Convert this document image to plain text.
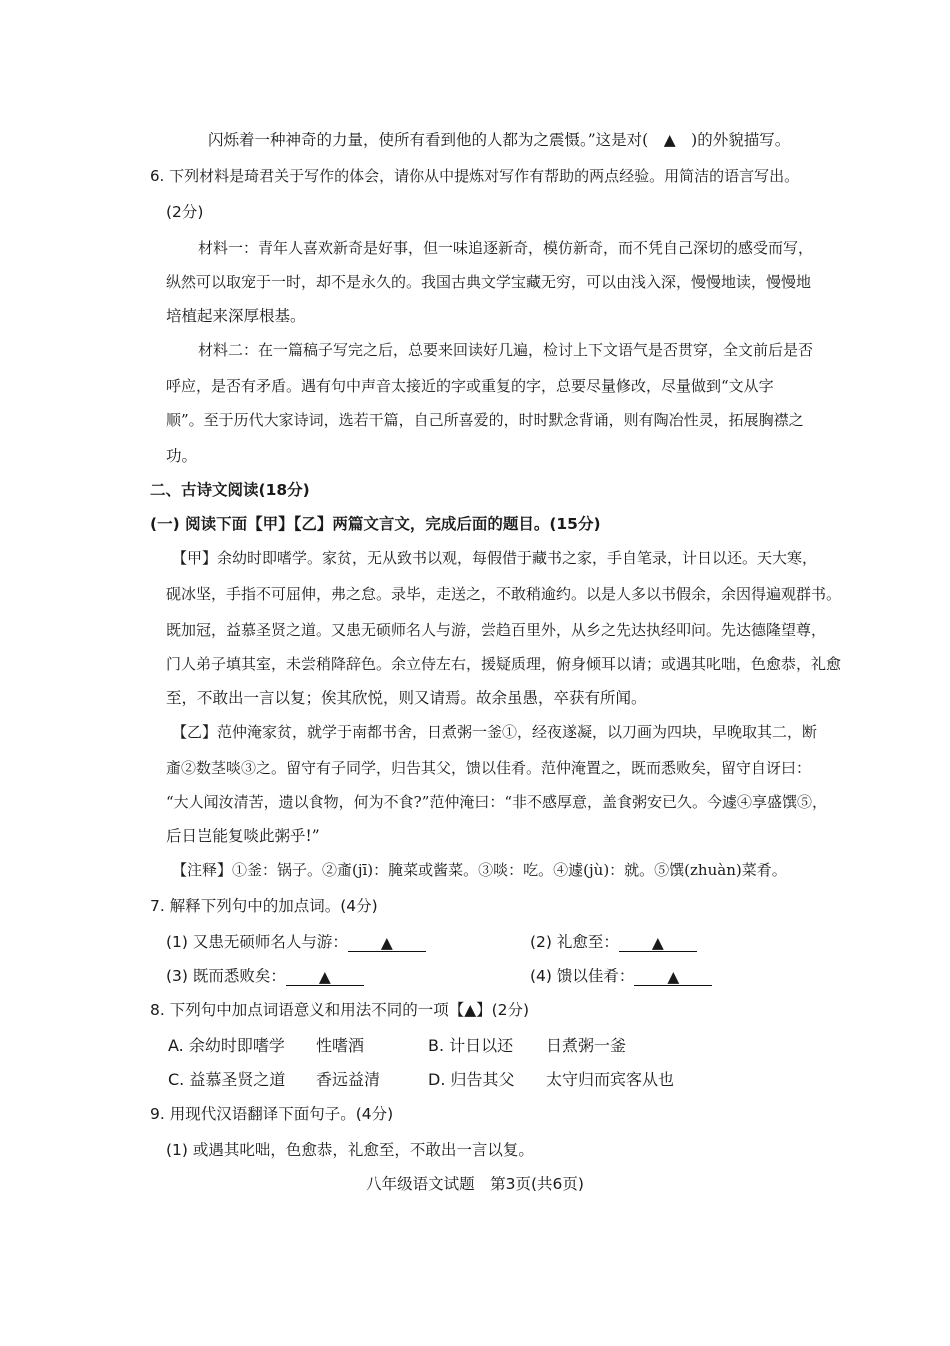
闪烁着一种神奇的力量，使所有看到他的人都为之震慑。”这是对(　▲　)的外貌描写。
6. 下列材料是琦君关于写作的体会，请你从中提炼对写作有帮助的两点经验。用简洁的语言写出。
(2分)
材料一：青年人喜欢新奇是好事，但一味追逐新奇，模仿新奇，而不凭自己深切的感受而写，
纵然可以取宠于一时，却不是永久的。我国古典文学宝藏无穷，可以由浅入深，慢慢地读，慢慢地
培植起来深厚根基。
材料二：在一篇稿子写完之后，总要来回读好几遍，检讨上下文语气是否贯穿，全文前后是否
呼应，是否有矛盾。遇有句中声音太接近的字或重复的字，总要尽量修改，尽量做到“文从字
顺”。至于历代大家诗词，选若干篇，自己所喜爱的，时时默念背诵，则有陶冶性灵，拓展胸襟之
功。
二、古诗文阅读(18分)
(一) 阅读下面【甲】【乙】两篇文言文，完成后面的题目。(15分)
【甲】余幼时即嗜学。家贫，无从致书以观，每假借于藏书之家，手自笔录，计日以还。天大寒，
砚冰坚，手指不可屈伸，弗之怠。录毕，走送之，不敢稍逾约。以是人多以书假余，余因得遍观群书。
既加冠，益慕圣贤之道。又患无硕师名人与游，尝趋百里外，从乡之先达执经叩问。先达德隆望尊，
门人弟子填其室，未尝稍降辞色。余立侍左右，援疑质理，俯身倾耳以请；或遇其叱咄，色愈恭，礼愈
至，不敢出一言以复；俟其欣悦，则又请焉。故余虽愚，卒获有所闻。
【乙】范仲淹家贫，就学于南都书舍，日煮粥一釜①，经夜遂凝，以刀画为四块，早晚取其二，断
齑②数茎啖③之。留守有子同学，归告其父，馈以佳肴。范仲淹置之，既而悉败矣，留守自讶曰：
“大人闻汝清苦，遗以食物，何为不食?”范仲淹曰：“非不感厚意，盖食粥安已久。今遽④享盛馔⑤，
后日岂能复啖此粥乎!”
【注释】①釜：锅子。②齑(jī)：腌菜或酱菜。③啖：吃。④遽(jù)：就。⑤馔(zhuàn)菜肴。
7. 解释下列句中的加点词。(4分)
(1) 又患无硕师名人与游： ▲	(2) 礼愈至： ▲
(3) 既而悉败矣： ▲	(4) 馈以佳肴： ▲
8. 下列句中加点词语意义和用法不同的一项【▲】(2分)
A. 余幼时即嗜学 性嗜酒	B. 计日以还 日煮粥一釜
C. 益慕圣贤之道 香远益清	D. 归告其父 太守归而宾客从也
9. 用现代汉语翻译下面句子。(4分)
(1) 或遇其叱咄，色愈恭，礼愈至，不敢出一言以复。
八年级语文试题　第3页(共6页)
